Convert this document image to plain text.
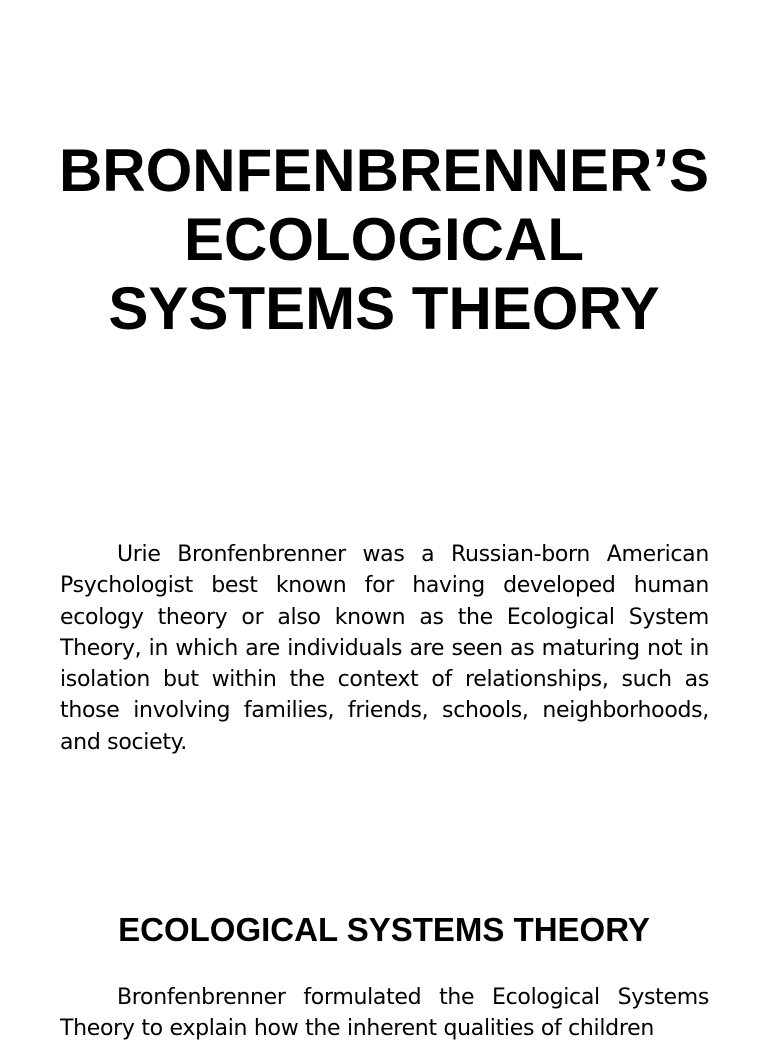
BRONFENBRENNER’S
ECOLOGICAL
SYSTEMS THEORY

Urie Bronfenbrenner was a Russian-born American Psychologist best known for having developed human ecology theory or also known as the Ecological System Theory, in which are individuals are seen as maturing not in isolation but within the context of relationships, such as those involving families, friends, schools, neighborhoods, and society.

ECOLOGICAL SYSTEMS THEORY

Bronfenbrenner formulated the Ecological Systems Theory to explain how the inherent qualities of children
